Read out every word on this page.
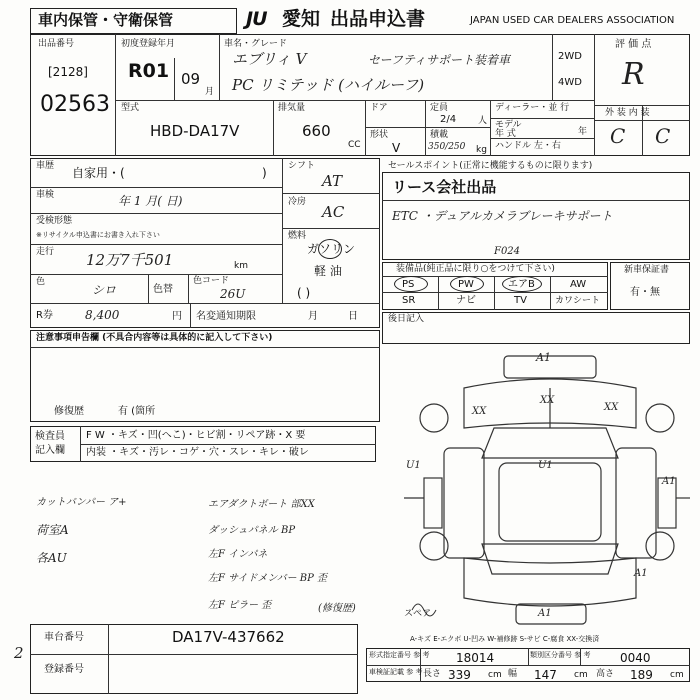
車内保管・守衛保管	JU 愛知 出品申込書	JAPAN USED CAR DEALERS ASSOCIATION
出品番号
[2128]
02563
初度登録年月
R01 09
月
車名・グレード
エブリィ V	セーフティサポート装着車
PC リミテッド (ハイルーフ)
2WD
4WD
評 価 点
R
外 装 内 装
C C
型式
HBD-DA17V
排気量
660
CC
ドア
形状
V
定員
2/4 人
積載
350/250 kg
ディーラー・並 行
モデル
年 式	年
ハンドル 左・右
車歴 自家用・(	)
車検	年 1 月( 日)
受検形態
※リサイクル申込書にお書き入れ下さい
走行 12万7千501	km
色
シロ	色替
色コード
26U
シフト
AT
冷房
AC
燃料
ガソリン
軽 油
( )
R券	8,400	円 名変通知期限	月	日
セールスポイント(正常に機能するものに限ります)
リース会社出品
ETC ・デュアルカメラブレーキサポート
F024
装備品(純正品に限り○をつけて下さい)
PS	PW	エアB	AW
SR	ナビ	TV	カワシート
新車保証書
有・無
後日記入
注意事項申告欄 (不具合内容等は具体的に記入して下さい)
修復歴	有 (箇所
検査員
記入欄
F W ・キズ・凹(へこ)・ヒビ割・リペア跡・X 要
内装 ・キズ・汚レ・コゲ・穴・スレ・キレ・破レ
カットバンパー ア+
荷室A
各AU
エアダクトボート 部XX
ダッシュパネル BP
左F インパネ
左F サイドメンバー BP 歪
左F ピラー 歪	(修復歴)
A1
XX
XX
XX
U1	U1
A1
A1
A1
スペア
A-キズ E-エクボ U-凹み W-補修跡 S-サビ C-腐食 XX-交換済
2
車台番号	DA17V-437662
登録番号
形式指定番号 参 考 18014	類別区分番号 参 考 0040
車検証記載 参 考 長さ 339 cm 幅 147 cm 高さ 189 cm
